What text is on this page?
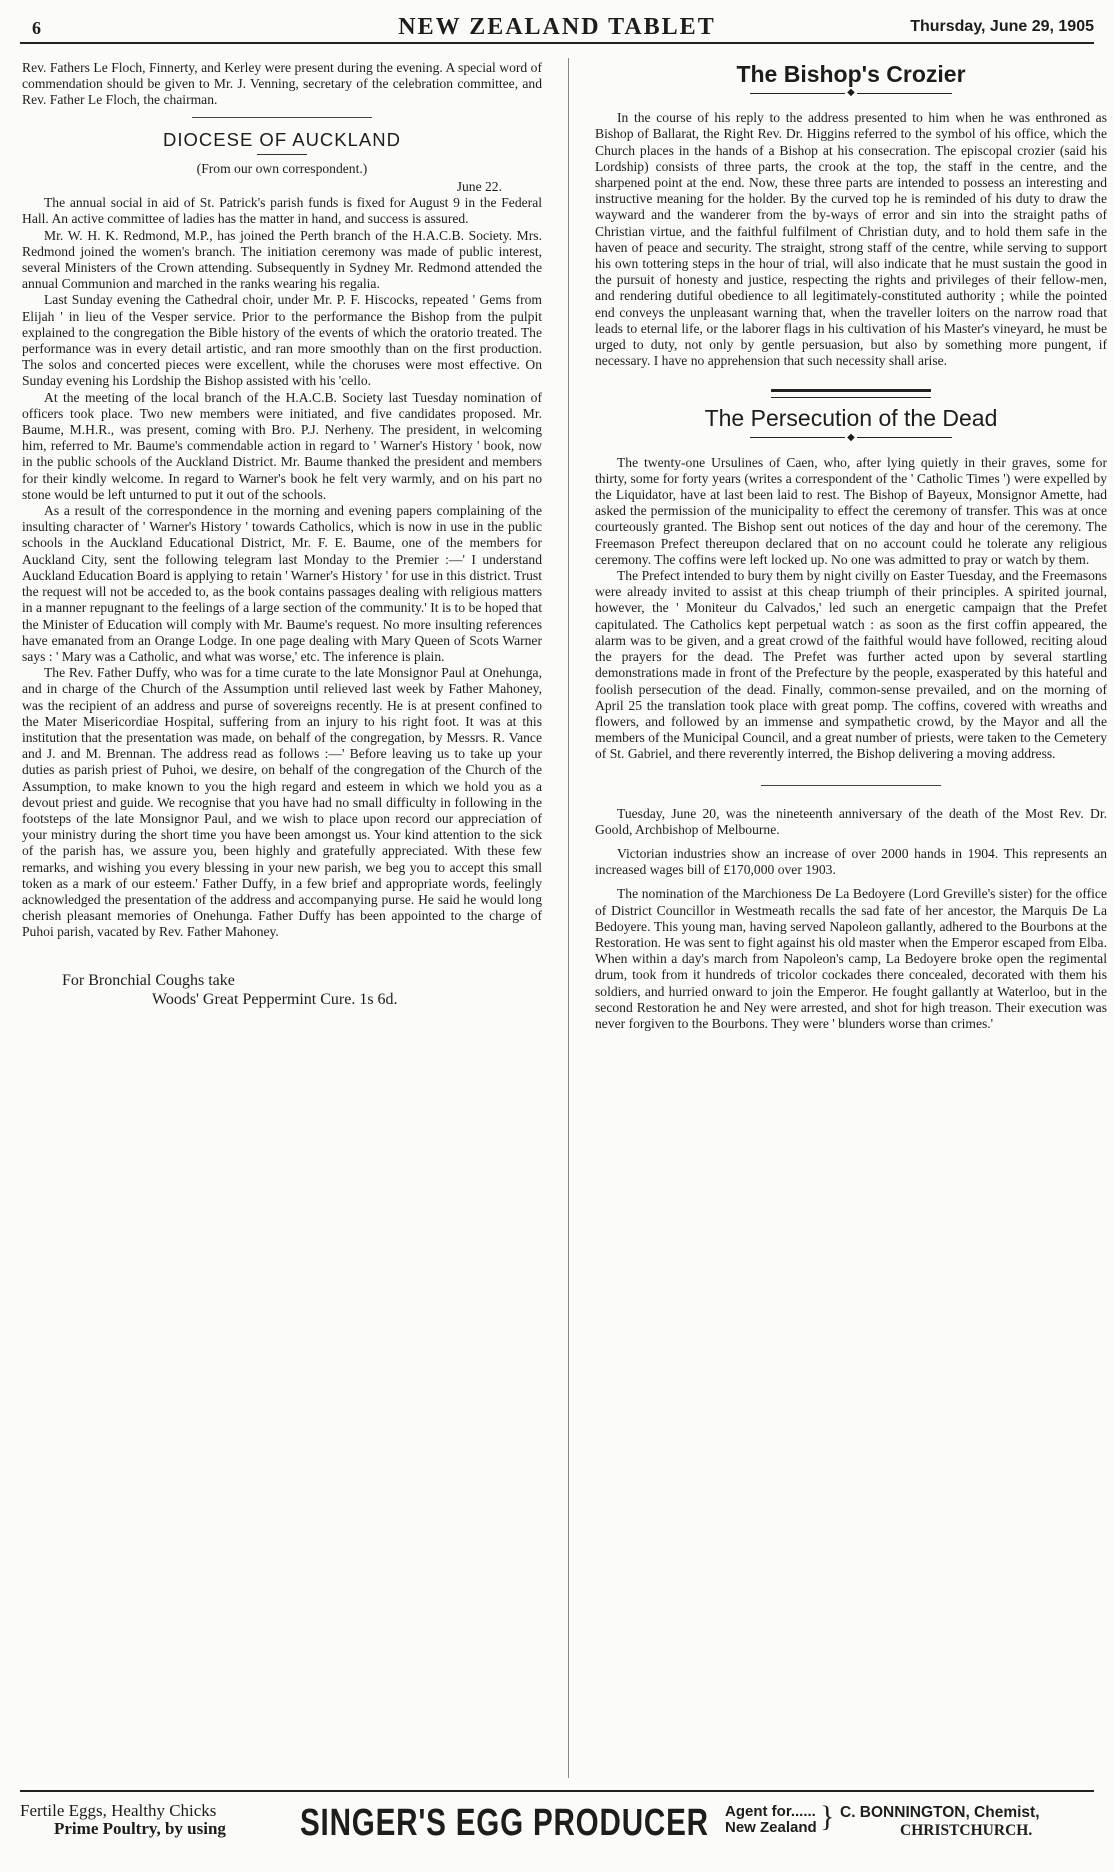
6	NEW ZEALAND TABLET	Thursday, June 29, 1905

Rev. Fathers Le Floch, Finnerty, and Kerley were present during the evening. A special word of commendation should be given to Mr. J. Venning, secretary of the celebration committee, and Rev. Father Le Floch, the chairman.

DIOCESE OF AUCKLAND
(From our own correspondent.)
June 22.

The annual social in aid of St. Patrick's parish funds is fixed for August 9 in the Federal Hall. An active committee of ladies has the matter in hand, and success is assured.

Mr. W. H. K. Redmond, M.P., has joined the Perth branch of the H.A.C.B. Society. Mrs. Redmond joined the women's branch. The initiation ceremony was made of public interest, several Ministers of the Crown attending. Subsequently in Sydney Mr. Redmond attended the annual Communion and marched in the ranks wearing his regalia.

Last Sunday evening the Cathedral choir, under Mr. P. F. Hiscocks, repeated ' Gems from Elijah ' in lieu of the Vesper service. Prior to the performance the Bishop from the pulpit explained to the congregation the Bible history of the events of which the oratorio treated. The performance was in every detail artistic, and ran more smoothly than on the first production. The solos and concerted pieces were excellent, while the choruses were most effective. On Sunday evening his Lordship the Bishop assisted with his 'cello.

At the meeting of the local branch of the H.A.C.B. Society last Tuesday nomination of officers took place. Two new members were initiated, and five candidates proposed. Mr. Baume, M.H.R., was present, coming with Bro. P.J. Nerheny. The president, in welcoming him, referred to Mr. Baume's commendable action in regard to ' Warner's History ' book, now in the public schools of the Auckland District. Mr. Baume thanked the president and members for their kindly welcome. In regard to Warner's book he felt very warmly, and on his part no stone would be left unturned to put it out of the schools.

As a result of the correspondence in the morning and evening papers complaining of the insulting character of ' Warner's History ' towards Catholics, which is now in use in the public schools in the Auckland Educational District, Mr. F. E. Baume, one of the members for Auckland City, sent the following telegram last Monday to the Premier :—' I understand Auckland Education Board is applying to retain ' Warner's History ' for use in this district. Trust the request will not be acceded to, as the book contains passages dealing with religious matters in a manner repugnant to the feelings of a large section of the community.' It is to be hoped that the Minister of Education will comply with Mr. Baume's request. No more insulting references have emanated from an Orange Lodge. In one page dealing with Mary Queen of Scots Warner says : ' Mary was a Catholic, and what was worse,' etc. The inference is plain.

The Rev. Father Duffy, who was for a time curate to the late Monsignor Paul at Onehunga, and in charge of the Church of the Assumption until relieved last week by Father Mahoney, was the recipient of an address and purse of sovereigns recently. He is at present confined to the Mater Misericordiae Hospital, suffering from an injury to his right foot. It was at this institution that the presentation was made, on behalf of the congregation, by Messrs. R. Vance and J. and M. Brennan. The address read as follows :—' Before leaving us to take up your duties as parish priest of Puhoi, we desire, on behalf of the congregation of the Church of the Assumption, to make known to you the high regard and esteem in which we hold you as a devout priest and guide. We recognise that you have had no small difficulty in following in the footsteps of the late Monsignor Paul, and we wish to place upon record our appreciation of your ministry during the short time you have been amongst us. Your kind attention to the sick of the parish has, we assure you, been highly and gratefully appreciated. With these few remarks, and wishing you every blessing in your new parish, we beg you to accept this small token as a mark of our esteem.' Father Duffy, in a few brief and appropriate words, feelingly acknowledged the presentation of the address and accompanying purse. He said he would long cherish pleasant memories of Onehunga. Father Duffy has been appointed to the charge of Puhoi parish, vacated by Rev. Father Mahoney.

For Bronchial Coughs take
Woods' Great Peppermint Cure. 1s 6d.
The Bishop's Crozier
◆

In the course of his reply to the address presented to him when he was enthroned as Bishop of Ballarat, the Right Rev. Dr. Higgins referred to the symbol of his office, which the Church places in the hands of a Bishop at his consecration. The episcopal crozier (said his Lordship) consists of three parts, the crook at the top, the staff in the centre, and the sharpened point at the end. Now, these three parts are intended to possess an interesting and instructive meaning for the holder. By the curved top he is reminded of his duty to draw the wayward and the wanderer from the by-ways of error and sin into the straight paths of Christian virtue, and the faithful fulfilment of Christian duty, and to hold them safe in the haven of peace and security. The straight, strong staff of the centre, while serving to support his own tottering steps in the hour of trial, will also indicate that he must sustain the good in the pursuit of honesty and justice, respecting the rights and privileges of their fellow-men, and rendering dutiful obedience to all legitimately-constituted authority ; while the pointed end conveys the unpleasant warning that, when the traveller loiters on the narrow road that leads to eternal life, or the laborer flags in his cultivation of his Master's vineyard, he must be urged to duty, not only by gentle persuasion, but also by something more pungent, if necessary. I have no apprehension that such necessity shall arise.

The Persecution of the Dead
◆

The twenty-one Ursulines of Caen, who, after lying quietly in their graves, some for thirty, some for forty years (writes a correspondent of the ' Catholic Times ') were expelled by the Liquidator, have at last been laid to rest. The Bishop of Bayeux, Monsignor Amette, had asked the permission of the municipality to effect the ceremony of transfer. This was at once courteously granted. The Bishop sent out notices of the day and hour of the ceremony. The Freemason Prefect thereupon declared that on no account could he tolerate any religious ceremony. The coffins were left locked up. No one was admitted to pray or watch by them.

The Prefect intended to bury them by night civilly on Easter Tuesday, and the Freemasons were already invited to assist at this cheap triumph of their principles. A spirited journal, however, the ' Moniteur du Calvados,' led such an energetic campaign that the Prefet capitulated. The Catholics kept perpetual watch : as soon as the first coffin appeared, the alarm was to be given, and a great crowd of the faithful would have followed, reciting aloud the prayers for the dead. The Prefet was further acted upon by several startling demonstrations made in front of the Prefecture by the people, exasperated by this hateful and foolish persecution of the dead. Finally, common-sense prevailed, and on the morning of April 25 the translation took place with great pomp. The coffins, covered with wreaths and flowers, and followed by an immense and sympathetic crowd, by the Mayor and all the members of the Municipal Council, and a great number of priests, were taken to the Cemetery of St. Gabriel, and there reverently interred, the Bishop delivering a moving address.

Tuesday, June 20, was the nineteenth anniversary of the death of the Most Rev. Dr. Goold, Archbishop of Melbourne.

Victorian industries show an increase of over 2000 hands in 1904. This represents an increased wages bill of £170,000 over 1903.

The nomination of the Marchioness De La Bedoyere (Lord Greville's sister) for the office of District Councillor in Westmeath recalls the sad fate of her ancestor, the Marquis De La Bedoyere. This young man, having served Napoleon gallantly, adhered to the Bourbons at the Restoration. He was sent to fight against his old master when the Emperor escaped from Elba. When within a day's march from Napoleon's camp, La Bedoyere broke open the regimental drum, took from it hundreds of tricolor cockades there concealed, decorated with them his soldiers, and hurried onward to join the Emperor. He fought gallantly at Waterloo, but in the second Restoration he and Ney were arrested, and shot for high treason. Their execution was never forgiven to the Bourbons. They were ' blunders worse than crimes.'

Fertile Eggs, Healthy Chicks
Prime Poultry, by using SINGER'S EGG PRODUCER Agent for......
New Zealand } C. BONNINGTON, Chemist,
CHRISTCHURCH.
